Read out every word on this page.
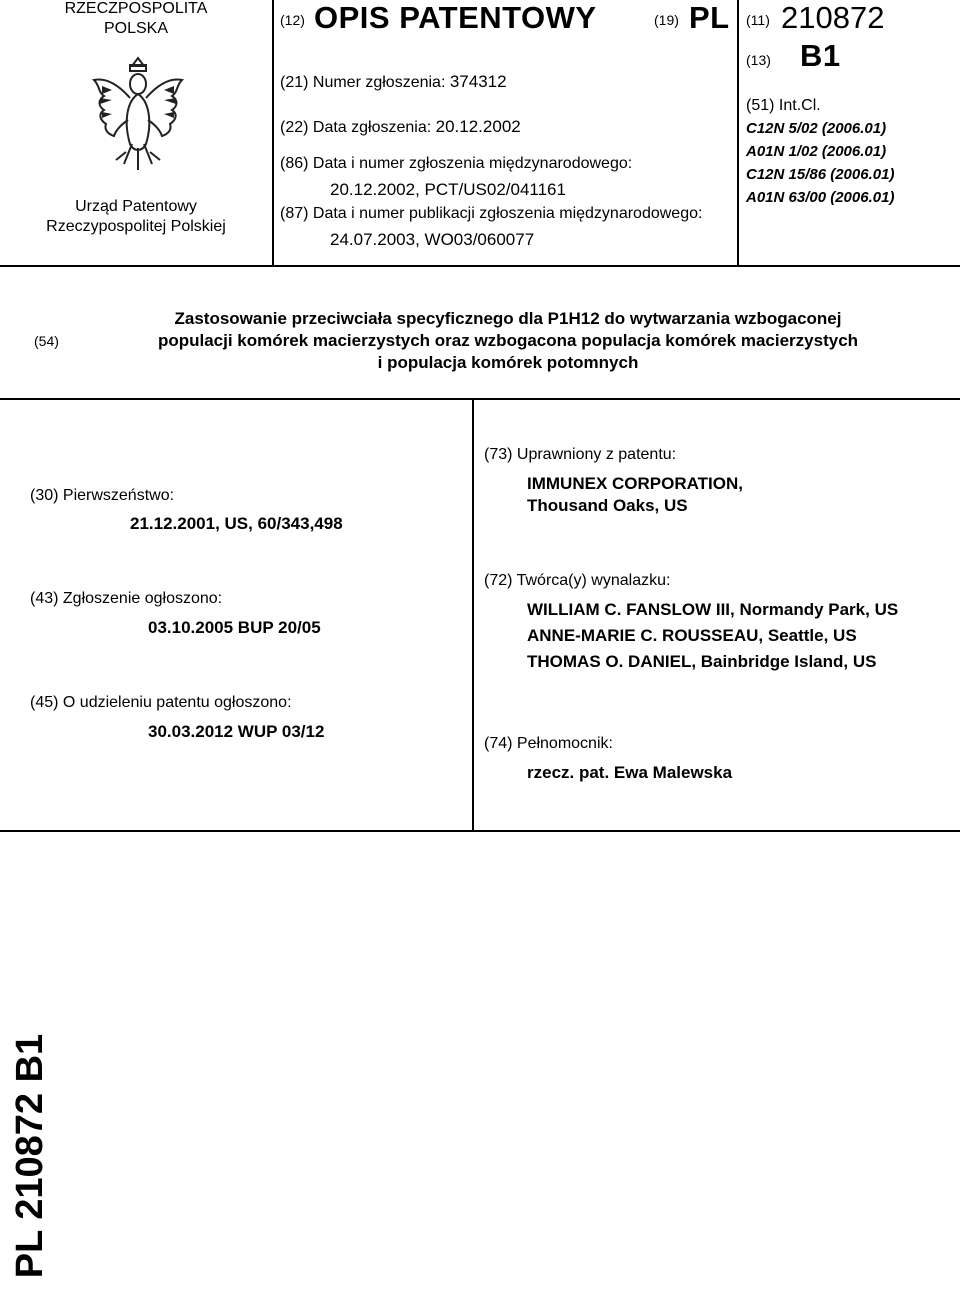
RZECZPOSPOLITA
POLSKA
Urząd Patentowy
Rzeczypospolitej Polskiej
(12) OPIS PATENTOWY	(19) PL
(21) Numer zgłoszenia: 374312
(22) Data zgłoszenia: 20.12.2002
(86) Data i numer zgłoszenia międzynarodowego:
20.12.2002, PCT/US02/041161
(87) Data i numer publikacji zgłoszenia międzynarodowego:
24.07.2003, WO03/060077
(11) 210872
(13) B1
(51) Int.Cl.
C12N 5/02 (2006.01)
A01N 1/02 (2006.01)
C12N 15/86 (2006.01)
A01N 63/00 (2006.01)
(54)
Zastosowanie przeciwciała specyficznego dla P1H12 do wytwarzania wzbogaconej
populacji komórek macierzystych oraz wzbogacona populacja komórek macierzystych
i populacja komórek potomnych
(30) Pierwszeństwo:
21.12.2001, US, 60/343,498
(43) Zgłoszenie ogłoszono:
03.10.2005 BUP 20/05
(45) O udzieleniu patentu ogłoszono:
30.03.2012 WUP 03/12
(73) Uprawniony z patentu:
IMMUNEX CORPORATION,
Thousand Oaks, US
(72) Twórca(y) wynalazku:
WILLIAM C. FANSLOW III, Normandy Park, US
ANNE-MARIE C. ROUSSEAU, Seattle, US
THOMAS O. DANIEL, Bainbridge Island, US
(74) Pełnomocnik:
rzecz. pat. Ewa Malewska
PL 210872 B1
